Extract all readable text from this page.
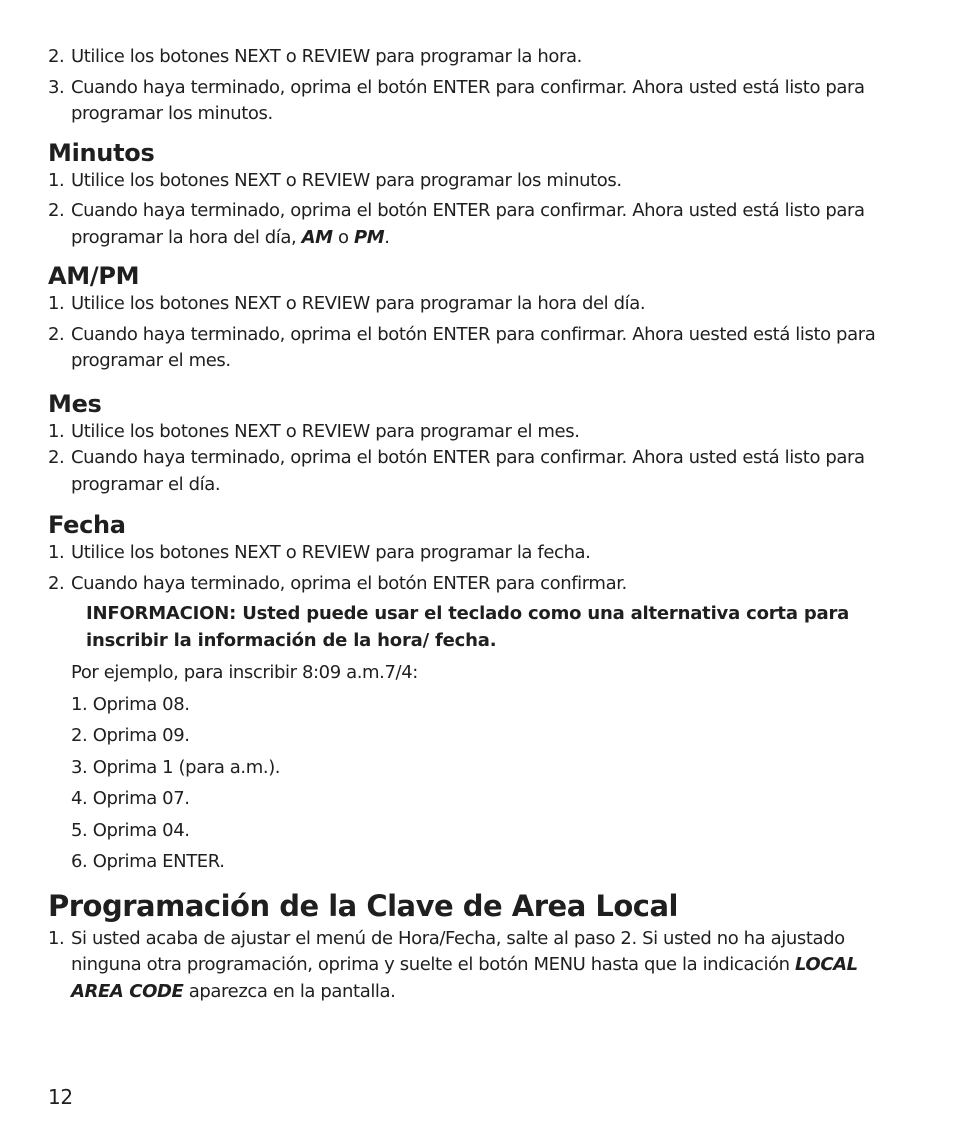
2. Utilice los botones NEXT o REVIEW para programar la hora.
3. Cuando haya terminado, oprima el botón ENTER para confirmar. Ahora usted está listo para programar los minutos.
Minutos
1. Utilice los botones NEXT o REVIEW para programar los minutos.
2. Cuando haya terminado, oprima el botón ENTER para confirmar. Ahora usted está listo para programar la hora del día, AM o PM.
AM/PM
1. Utilice los botones NEXT o REVIEW para programar la hora del día.
2. Cuando haya terminado, oprima el botón ENTER para confirmar. Ahora uested está listo para programar el mes.
Mes
1. Utilice los botones NEXT o REVIEW para programar el mes.
2. Cuando haya terminado, oprima el botón ENTER para confirmar. Ahora usted está listo para programar el día.
Fecha
1. Utilice los botones NEXT o REVIEW para programar la fecha.
2. Cuando haya terminado, oprima el botón ENTER para confirmar.
INFORMACION: Usted puede usar el teclado como una alternativa corta para inscribir la información de la hora/ fecha.
Por ejemplo, para inscribir 8:09 a.m.7/4:
1. Oprima 08.
2. Oprima 09.
3. Oprima 1 (para a.m.).
4. Oprima 07.
5. Oprima 04.
6. Oprima ENTER.
Programación de la Clave de Area Local
1. Si usted acaba de ajustar el menú de Hora/Fecha, salte al paso 2. Si usted no ha ajustado ninguna otra programación, oprima y suelte el botón MENU hasta que la indicación LOCAL AREA CODE aparezca en la pantalla.
12
